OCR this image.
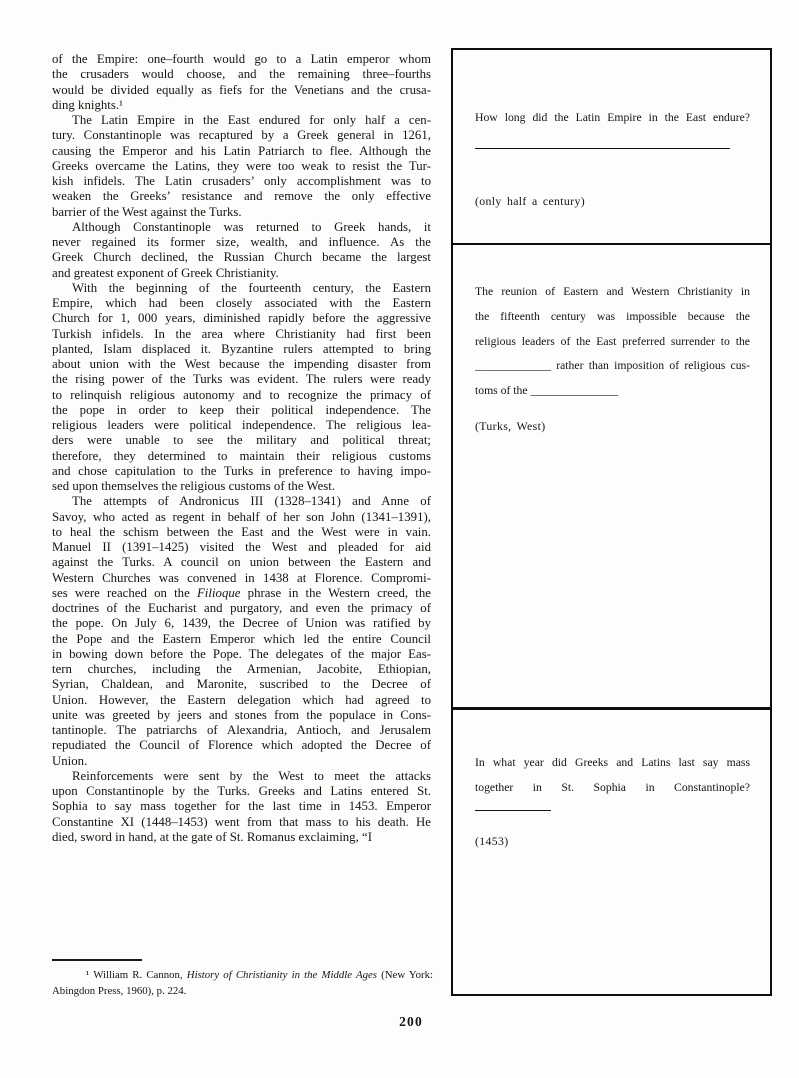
of the Empire: one–fourth would go to a Latin emperor whom
the crusaders would choose, and the remaining three–fourths
would be divided equally as fiefs for the Venetians and the crusa-
ding knights.¹
The Latin Empire in the East endured for only half a cen-
tury. Constantinople was recaptured by a Greek general in 1261,
causing the Emperor and his Latin Patriarch to flee. Although the
Greeks overcame the Latins, they were too weak to resist the Tur-
kish infidels. The Latin crusaders’ only accomplishment was to
weaken the Greeks’ resistance and remove the only effective
barrier of the West against the Turks.
Although Constantinople was returned to Greek hands, it
never regained its former size, wealth, and influence. As the
Greek Church declined, the Russian Church became the largest
and greatest exponent of Greek Christianity.
With the beginning of the fourteenth century, the Eastern
Empire, which had been closely associated with the Eastern
Church for 1, 000 years, diminished rapidly before the aggressive
Turkish infidels. In the area where Christianity had first been
planted, Islam displaced it. Byzantine rulers attempted to bring
about union with the West because the impending disaster from
the rising power of the Turks was evident. The rulers were ready
to relinquish religious autonomy and to recognize the primacy of
the pope in order to keep their political independence. The
religious leaders were political independence. The religious lea-
ders were unable to see the military and political threat;
therefore, they determined to maintain their religious customs
and chose capitulation to the Turks in preference to having impo-
sed upon themselves the religious customs of the West.
The attempts of Andronicus III (1328–1341) and Anne of
Savoy, who acted as regent in behalf of her son John (1341–1391),
to heal the schism between the East and the West were in vain.
Manuel II (1391–1425) visited the West and pleaded for aid
against the Turks. A council on union between the Eastern and
Western Churches was convened in 1438 at Florence. Compromi-
ses were reached on the Filioque phrase in the Western creed, the
doctrines of the Eucharist and purgatory, and even the primacy of
the pope. On July 6, 1439, the Decree of Union was ratified by
the Pope and the Eastern Emperor which led the entire Council
in bowing down before the Pope. The delegates of the major Eas-
tern churches, including the Armenian, Jacobite, Ethiopian,
Syrian, Chaldean, and Maronite, suscribed to the Decree of
Union. However, the Eastern delegation which had agreed to
unite was greeted by jeers and stones from the populace in Cons-
tantinople. The patriarchs of Alexandria, Antioch, and Jerusalem
repudiated the Council of Florence which adopted the Decree of
Union.
Reinforcements were sent by the West to meet the attacks
upon Constantinople by the Turks. Greeks and Latins entered St.
Sophia to say mass together for the last time in 1453. Emperor
Constantine XI (1448–1453) went from that mass to his death. He
died, sword in hand, at the gate of St. Romanus exclaiming, “I
How long did the Latin Empire in the East endure?
(only half a century)
The reunion of Eastern and Western Christianity in
the fifteenth century was impossible because the
religious leaders of the East preferred surrender to the
_____________ rather than imposition of religious cus-
toms of the _______________
(Turks, West)
In what year did Greeks and Latins last say mass
together in St. Sophia in Constantinople?
(1453)
¹ William R. Cannon, History of Christianity in the Middle Ages (New York:
Abingdon Press, 1960), p. 224.
200
